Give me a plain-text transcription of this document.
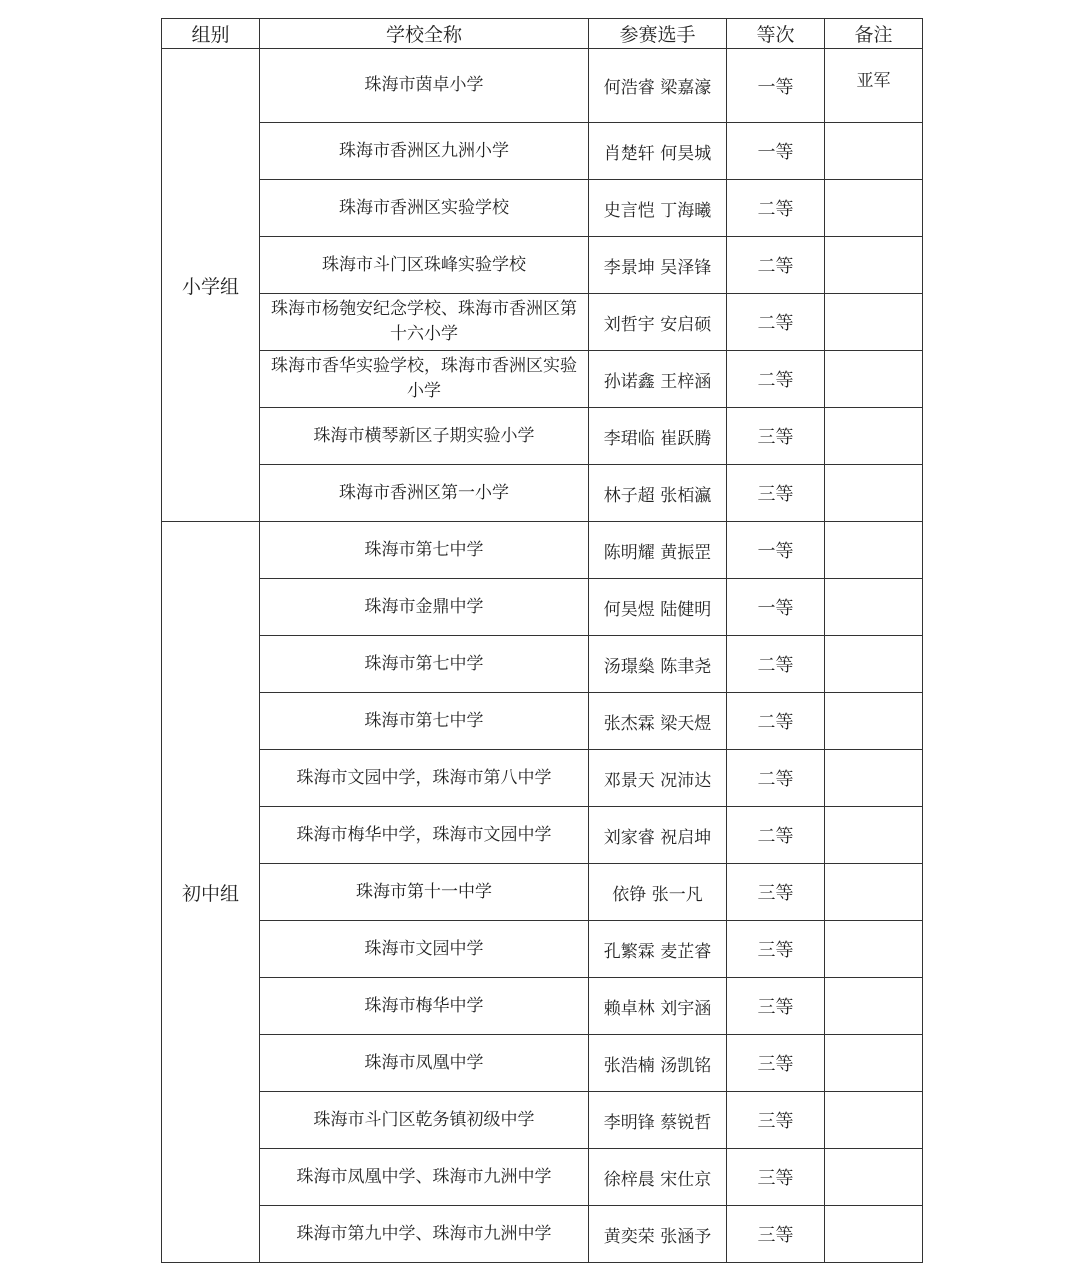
组别	学校全称	参赛选手	等次	备注
小学组	珠海市茵卓小学	何浩睿 梁嘉濠	一等	亚军
	珠海市香洲区九洲小学	肖楚轩 何昊城	一等	
	珠海市香洲区实验学校	史言恺 丁海曦	二等	
	珠海市斗门区珠峰实验学校	李景坤 吴泽锋	二等	
	珠海市杨匏安纪念学校、珠海市香洲区第十六小学	刘哲宇 安启硕	二等	
	珠海市香华实验学校，珠海市香洲区实验小学	孙诺鑫 王梓涵	二等	
	珠海市横琴新区子期实验小学	李珺临 崔跃腾	三等	
	珠海市香洲区第一小学	林子超 张栢瀛	三等	
初中组	珠海市第七中学	陈明耀 黄振罡	一等	
	珠海市金鼎中学	何昊煜 陆健明	一等	
	珠海市第七中学	汤璟燊 陈聿尧	二等	
	珠海市第七中学	张杰霖 梁天煜	二等	
	珠海市文园中学，珠海市第八中学	邓景天 况沛达	二等	
	珠海市梅华中学，珠海市文园中学	刘家睿 祝启坤	二等	
	珠海市第十一中学	依铮 张一凡	三等	
	珠海市文园中学	孔繁霖 麦芷睿	三等	
	珠海市梅华中学	赖卓林 刘宇涵	三等	
	珠海市凤凰中学	张浩楠 汤凯铭	三等	
	珠海市斗门区乾务镇初级中学	李明锋 蔡锐哲	三等	
	珠海市凤凰中学、珠海市九洲中学	徐梓晨 宋仕京	三等	
	珠海市第九中学、珠海市九洲中学	黄奕荣 张涵予	三等	
